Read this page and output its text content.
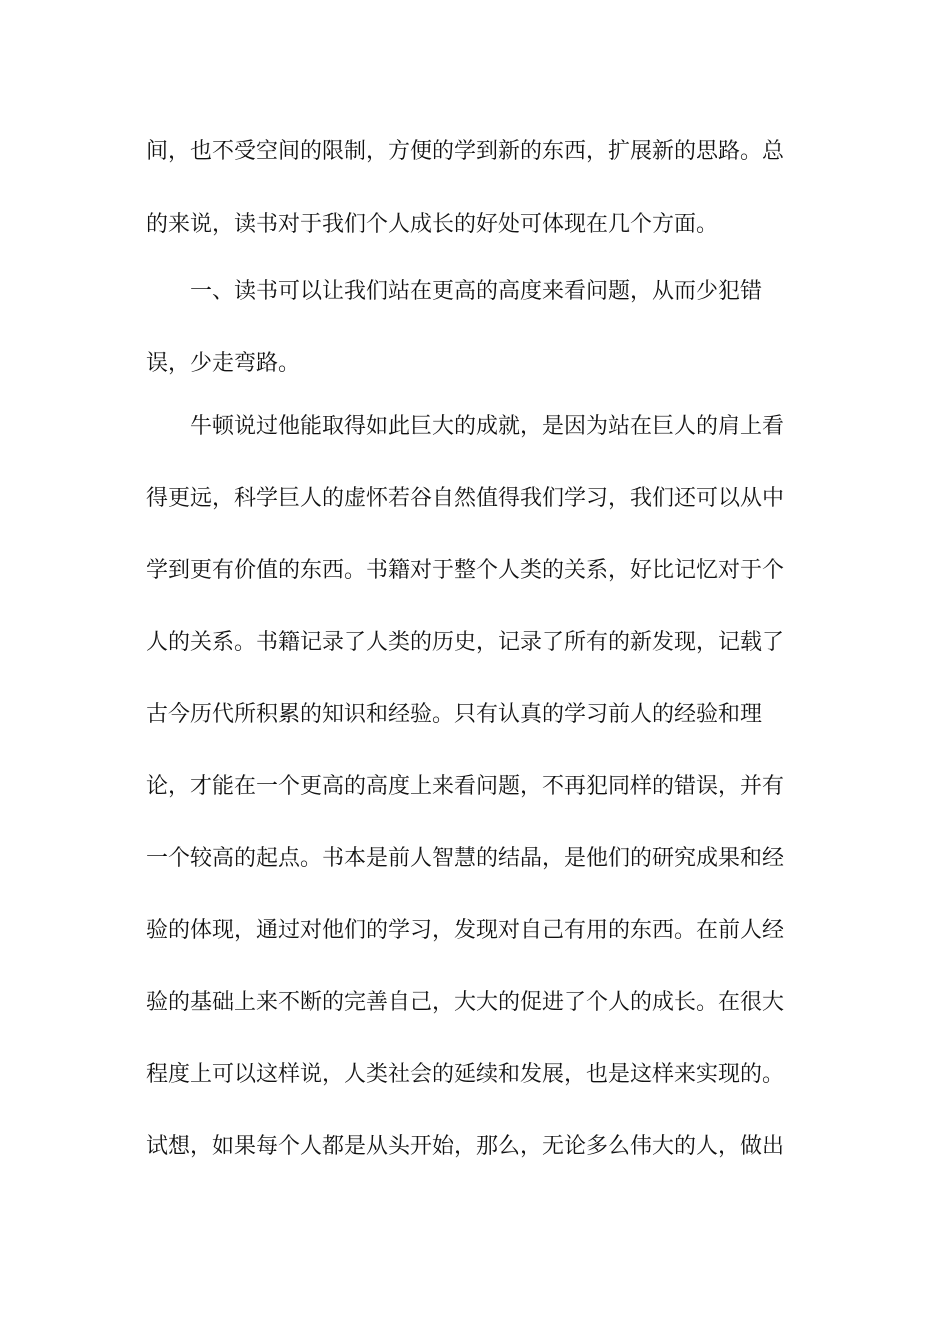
间，也不受空间的限制，方便的学到新的东西，扩展新的思路。总
的来说，读书对于我们个人成长的好处可体现在几个方面。
一、读书可以让我们站在更高的高度来看问题，从而少犯错
误，少走弯路。
牛顿说过他能取得如此巨大的成就，是因为站在巨人的肩上看
得更远，科学巨人的虚怀若谷自然值得我们学习，我们还可以从中
学到更有价值的东西。书籍对于整个人类的关系，好比记忆对于个
人的关系。书籍记录了人类的历史，记录了所有的新发现，记载了
古今历代所积累的知识和经验。只有认真的学习前人的经验和理
论，才能在一个更高的高度上来看问题，不再犯同样的错误，并有
一个较高的起点。书本是前人智慧的结晶，是他们的研究成果和经
验的体现，通过对他们的学习，发现对自己有用的东西。在前人经
验的基础上来不断的完善自己，大大的促进了个人的成长。在很大
程度上可以这样说，人类社会的延续和发展，也是这样来实现的。
试想，如果每个人都是从头开始，那么，无论多么伟大的人，做出
